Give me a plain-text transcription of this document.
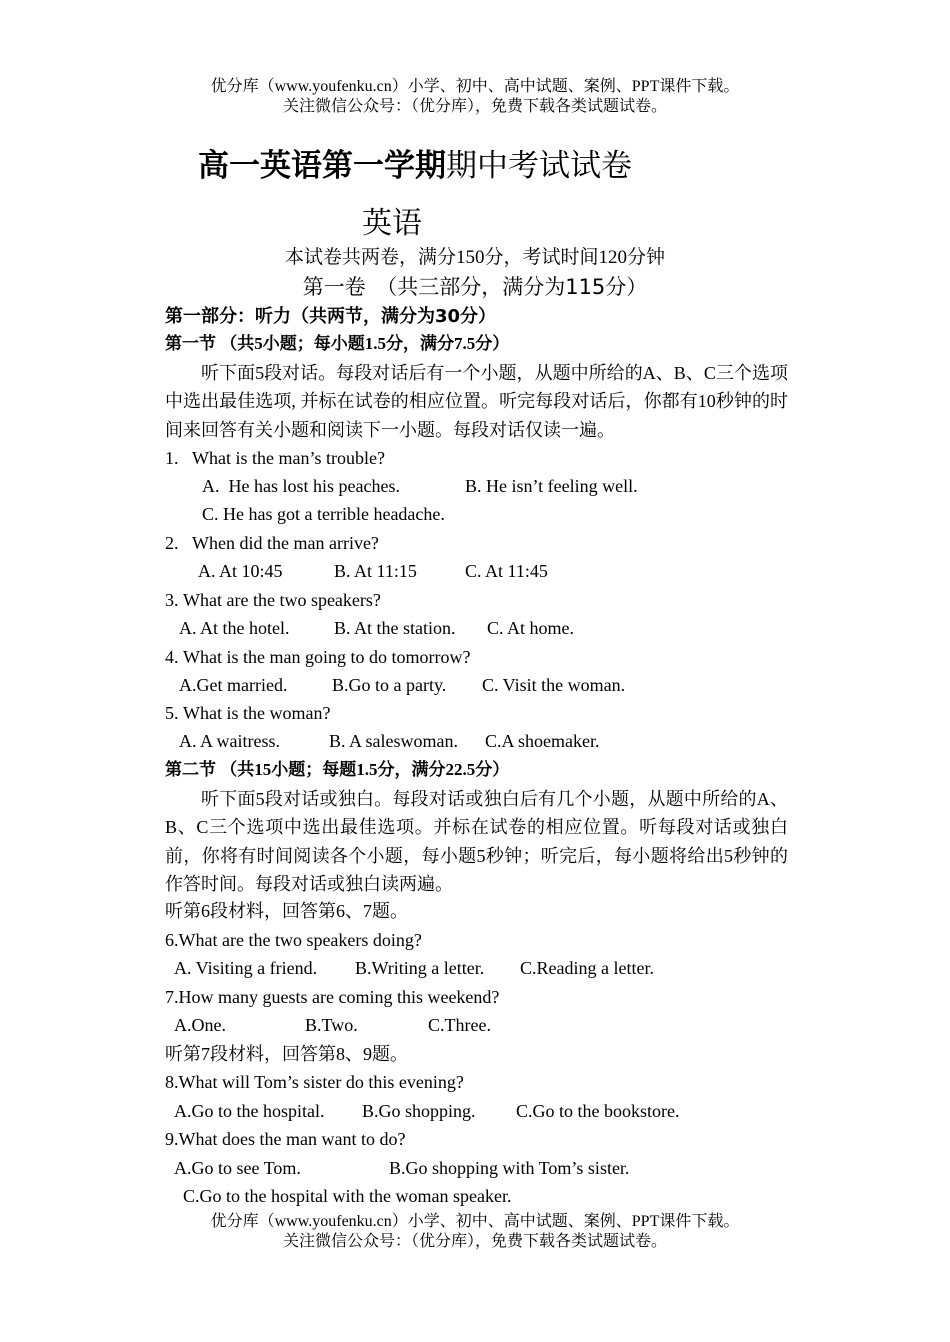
优分库（www.youfenku.cn）小学、初中、高中试题、案例、PPT课件下载。
关注微信公众号：（优分库），免费下载各类试题试卷。
高一英语第一学期期中考试试卷
英语
本试卷共两卷，满分150分，考试时间120分钟
第一卷　（共三部分，满分为115分）
第一部分：听力（共两节，满分为30分）
第一节 （共5小题；每小题1.5分，满分7.5分）
听下面5段对话。每段对话后有一个小题，从题中所给的A、B、C三个选项中选出最佳选项, 并标在试卷的相应位置。听完每段对话后，你都有10秒钟的时间来回答有关小题和阅读下一小题。每段对话仅读一遍。
1.   What is the man’s trouble?
A.  He has lost his peaches.	B. He isn’t feeling well.
C. He has got a terrible headache.
2.   When did the man arrive?
A. At 10:45	B. At 11:15	C. At 11:45
3. What are the two speakers?
A. At the hotel. B. At the station. C. At home.
4. What is the man going to do tomorrow?
A.Get married. B.Go to a party. C. Visit the woman.
5. What is the woman?
A. A waitress.	B. A saleswoman. C.A shoemaker.
第二节 （共15小题；每题1.5分，满分22.5分）
听下面5段对话或独白。每段对话或独白后有几个小题，从题中所给的A、B、C三个选项中选出最佳选项。并标在试卷的相应位置。听每段对话或独白前，你将有时间阅读各个小题，每小题5秒钟；听完后，每小题将给出5秒钟的作答时间。每段对话或独白读两遍。
听第6段材料，回答第6、7题。
6.What are the two speakers doing?
A. Visiting a friend. B.Writing a letter. C.Reading a letter.
7.How many guests are coming this weekend?
A.One.	B.Two.	C.Three.
听第7段材料，回答第8、9题。
8.What will Tom’s sister do this evening?
A.Go to the hospital. B.Go shopping. C.Go to the bookstore.
9.What does the man want to do?
A.Go to see Tom.	B.Go shopping with Tom’s sister.
C.Go to the hospital with the woman speaker.
优分库（www.youfenku.cn）小学、初中、高中试题、案例、PPT课件下载。
关注微信公众号：（优分库），免费下载各类试题试卷。
